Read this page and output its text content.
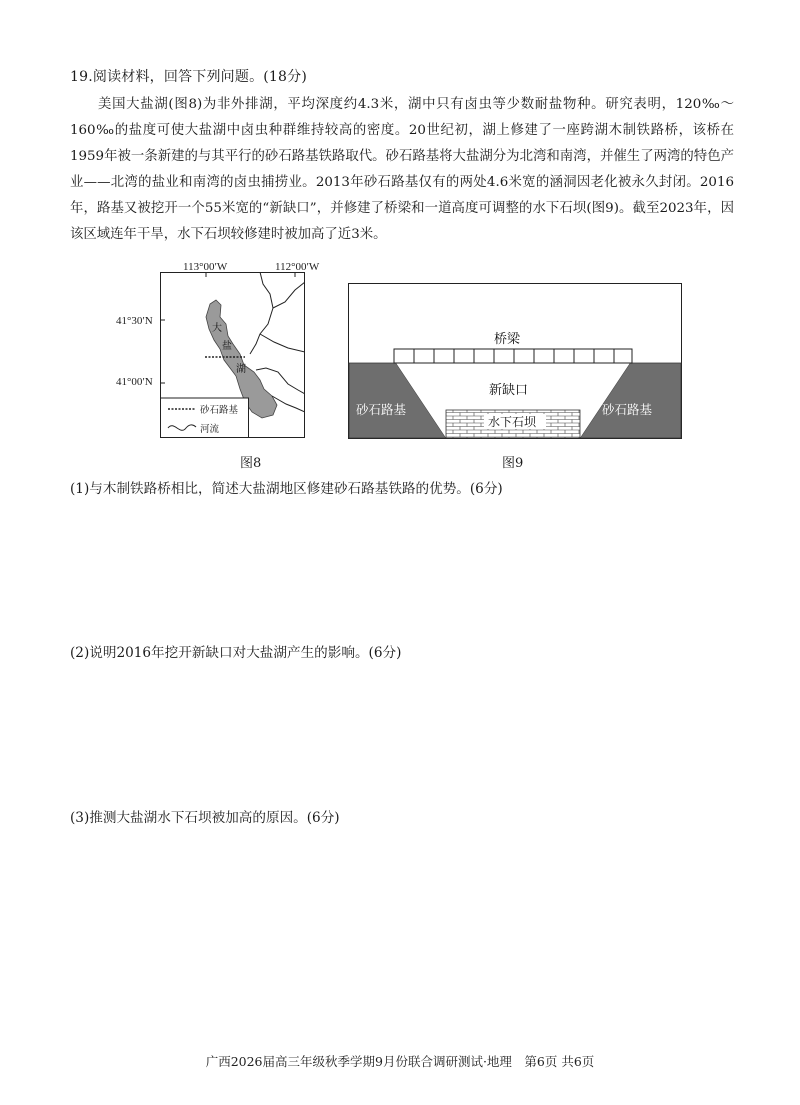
19.阅读材料，回答下列问题。(18分)

美国大盐湖(图8)为非外排湖，平均深度约4.3米，湖中只有卤虫等少数耐盐物种。研究表明，120‰～160‰的盐度可使大盐湖中卤虫种群维持较高的密度。20世纪初，湖上修建了一座跨湖木制铁路桥，该桥在1959年被一条新建的与其平行的砂石路基铁路取代。砂石路基将大盐湖分为北湾和南湾，并催生了两湾的特色产业——北湾的盐业和南湾的卤虫捕捞业。2013年砂石路基仅有的两处4.6米宽的涵洞因老化被永久封闭。2016年，路基又被挖开一个55米宽的“新缺口”，并修建了桥梁和一道高度可调整的水下石坝(图9)。截至2023年，因该区域连年干旱，水下石坝较修建时被加高了近3米。

113°00′W	112°00′W
41°30′N
41°00′N
大
盐
湖
砂石路基
河流
图8
桥梁
新缺口
砂石路基	砂石路基
水下石坝
图9
(1)与木制铁路桥相比，简述大盐湖地区修建砂石路基铁路的优势。(6分)
(2)说明2016年挖开新缺口对大盐湖产生的影响。(6分)
(3)推测大盐湖水下石坝被加高的原因。(6分)
广西2026届高三年级秋季学期9月份联合调研测试·地理　第6页 共6页
